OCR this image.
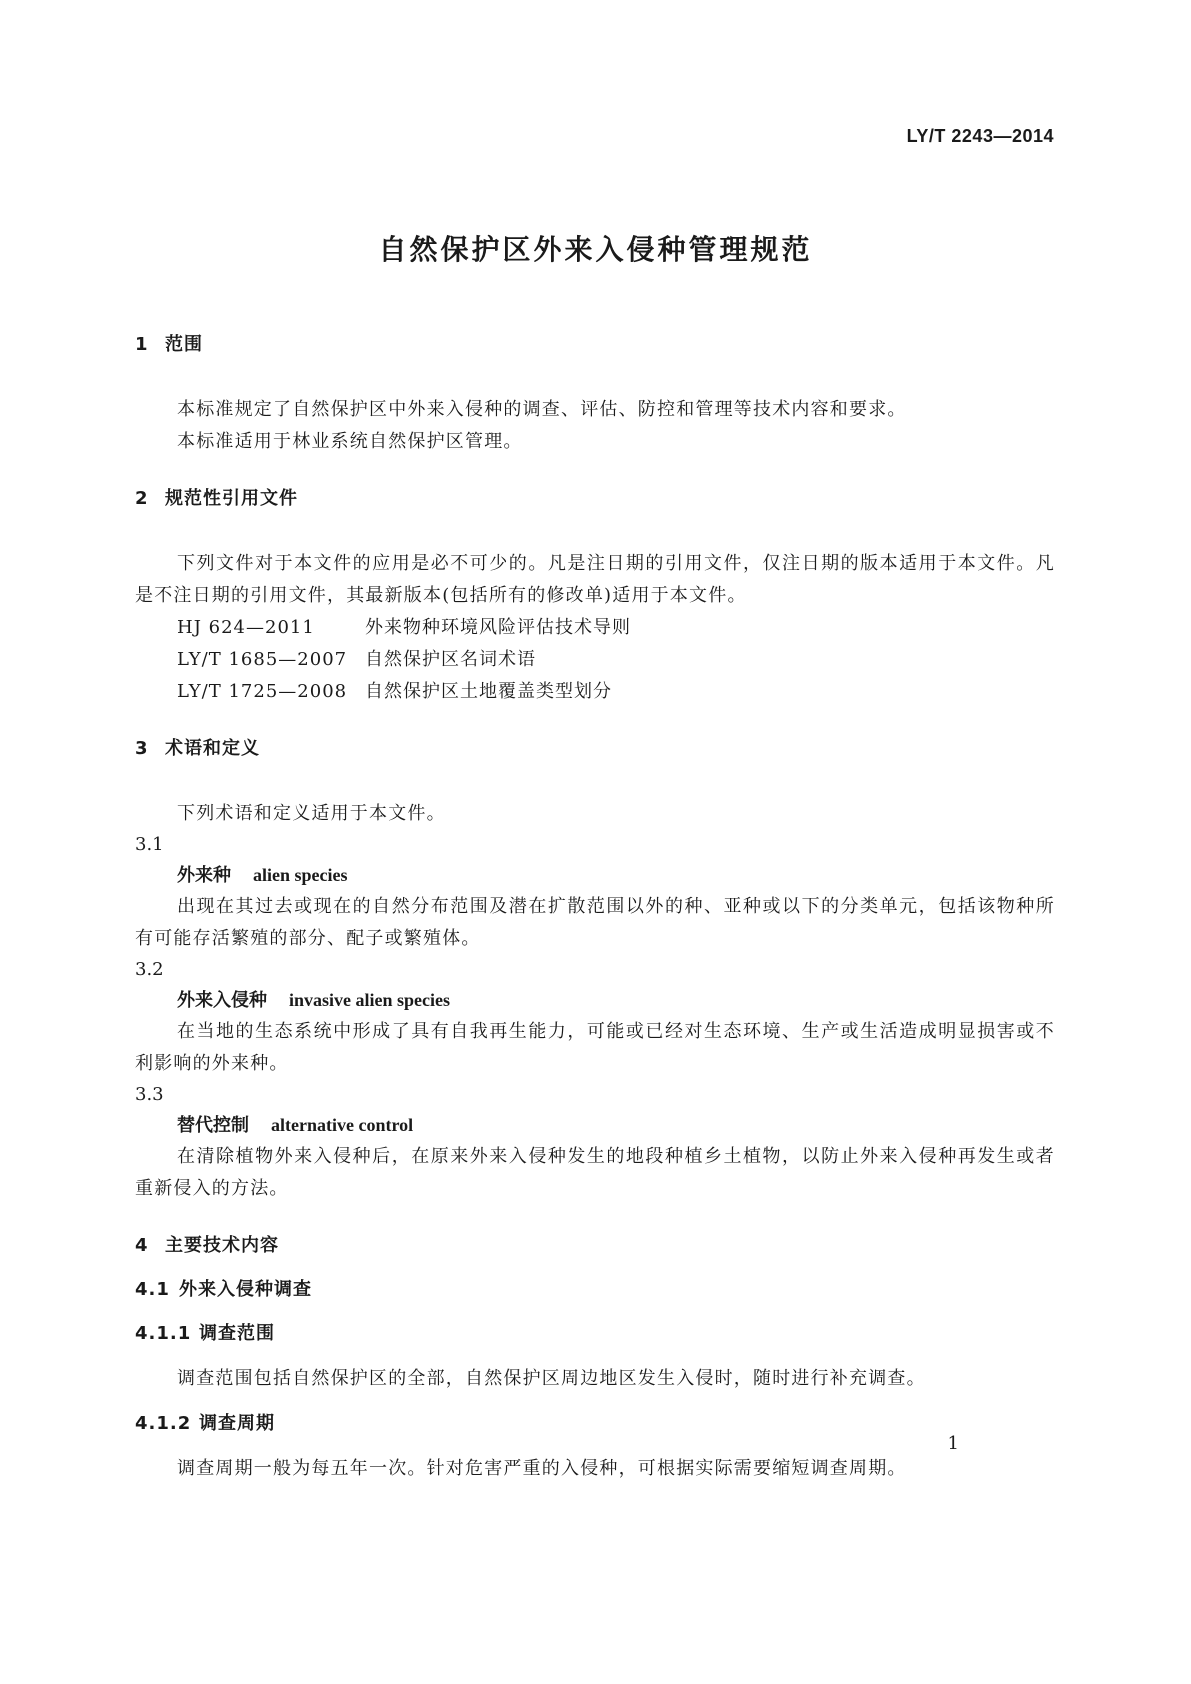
LY/T 2243—2014
自然保护区外来入侵种管理规范
1 范围

本标准规定了自然保护区中外来入侵种的调查、评估、防控和管理等技术内容和要求。

本标准适用于林业系统自然保护区管理。

2 规范性引用文件

下列文件对于本文件的应用是必不可少的。凡是注日期的引用文件，仅注日期的版本适用于本文件。凡是不注日期的引用文件，其最新版本(包括所有的修改单)适用于本文件。

HJ 624—2011	外来物种环境风险评估技术导则
LY/T 1685—2007 自然保护区名词术语
LY/T 1725—2008 自然保护区土地覆盖类型划分
3 术语和定义

下列术语和定义适用于本文件。

3.1
外来种 alien species

出现在其过去或现在的自然分布范围及潜在扩散范围以外的种、亚种或以下的分类单元，包括该物种所有可能存活繁殖的部分、配子或繁殖体。

3.2
外来入侵种 invasive alien species

在当地的生态系统中形成了具有自我再生能力，可能或已经对生态环境、生产或生活造成明显损害或不利影响的外来种。

3.3
替代控制 alternative control

在清除植物外来入侵种后，在原来外来入侵种发生的地段种植乡土植物，以防止外来入侵种再发生或者重新侵入的方法。

4 主要技术内容
4.1 外来入侵种调查
4.1.1 调查范围

调查范围包括自然保护区的全部，自然保护区周边地区发生入侵时，随时进行补充调查。

4.1.2 调查周期

调查周期一般为每五年一次。针对危害严重的入侵种，可根据实际需要缩短调查周期。

1
